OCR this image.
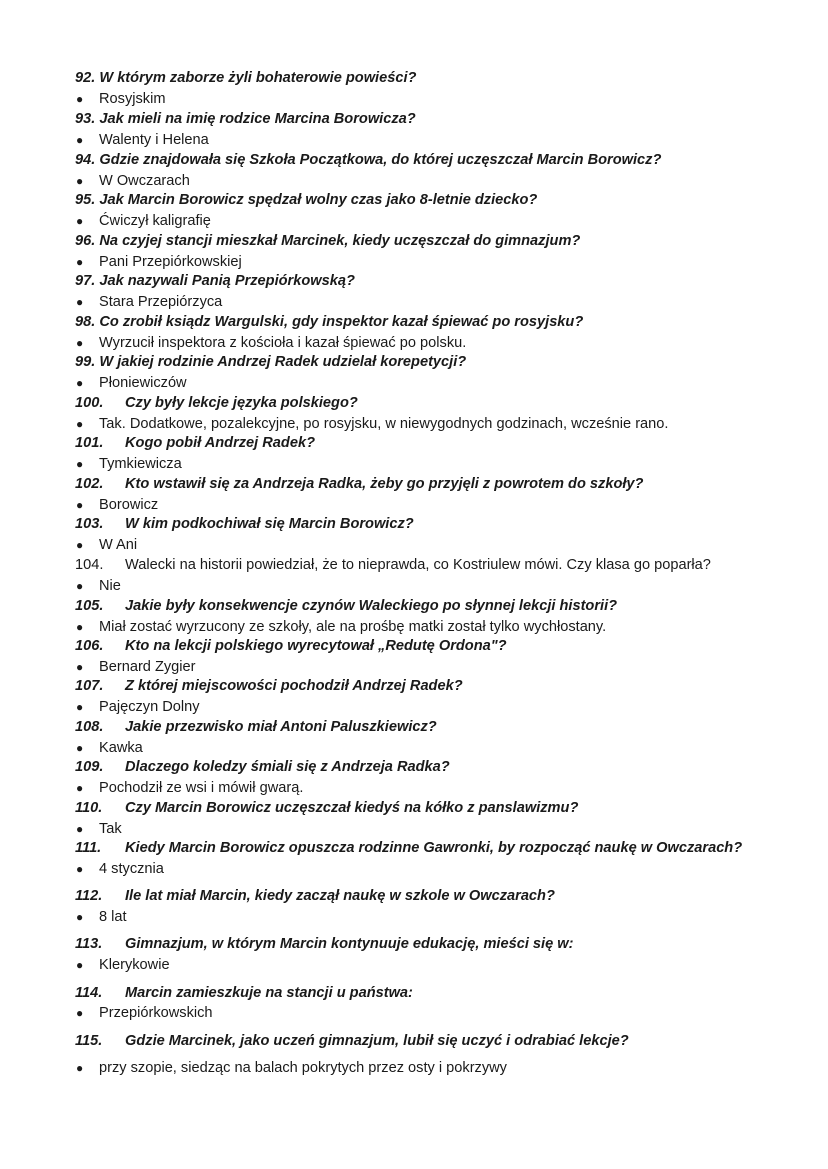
92. W którym zaborze żyli bohaterowie powieści?
● Rosyjskim
93. Jak mieli na imię rodzice Marcina Borowicza?
● Walenty i Helena
94. Gdzie znajdowała się Szkoła Początkowa, do której uczęszczał Marcin Borowicz?
● W Owczarach
95. Jak Marcin Borowicz spędzał wolny czas jako 8-letnie dziecko?
● Ćwiczył kaligrafię
96. Na czyjej stancji mieszkał Marcinek, kiedy uczęszczał do gimnazjum?
● Pani Przepiórkowskiej
97. Jak nazywali Panią Przepiórkowską?
● Stara Przepiórzyca
98. Co zrobił ksiądz Wargulski, gdy inspektor kazał śpiewać po rosyjsku?
● Wyrzucił inspektora z kościoła i kazał śpiewać po polsku.
99. W jakiej rodzinie Andrzej Radek udzielał korepetycji?
● Płoniewiczów
100. Czy były lekcje języka polskiego?
● Tak. Dodatkowe, pozalekcyjne, po rosyjsku, w niewygodnych godzinach, wcześnie rano.
101. Kogo pobił Andrzej Radek?
● Tymkiewicza
102. Kto wstawił się za Andrzeja Radka, żeby go przyjęli z powrotem do szkoły?
● Borowicz
103. W kim podkochiwał się Marcin Borowicz?
● W Ani
104. Walecki na historii powiedział, że to nieprawda, co Kostriulew mówi. Czy klasa go poparła?
● Nie
105. Jakie były konsekwencje czynów Waleckiego po słynnej lekcji historii?
● Miał zostać wyrzucony ze szkoły, ale na prośbę matki został tylko wychłostany.
106. Kto na lekcji polskiego wyrecytował „Redutę Ordona"?
● Bernard Zygier
107. Z której miejscowości pochodził Andrzej Radek?
● Pajęczyn Dolny
108. Jakie przezwisko miał Antoni Paluszkiewicz?
● Kawka
109. Dlaczego koledzy śmiali się z Andrzeja Radka?
● Pochodził ze wsi i mówił gwarą.
110. Czy Marcin Borowicz uczęszczał kiedyś na kółko z panslawizmu?
● Tak
111. Kiedy Marcin Borowicz opuszcza rodzinne Gawronki, by rozpocząć naukę w Owczarach?
● 4 stycznia
112. Ile lat miał Marcin, kiedy zaczął naukę w szkole w Owczarach?
● 8 lat
113. Gimnazjum, w którym Marcin kontynuuje edukację, mieści się w:
● Klerykowie
114. Marcin zamieszkuje na stancji u państwa:
● Przepiórkowskich
115. Gdzie Marcinek, jako uczeń gimnazjum, lubił się uczyć i odrabiać lekcje?
● przy szopie, siedząc na balach pokrytych przez osty i pokrzywy
